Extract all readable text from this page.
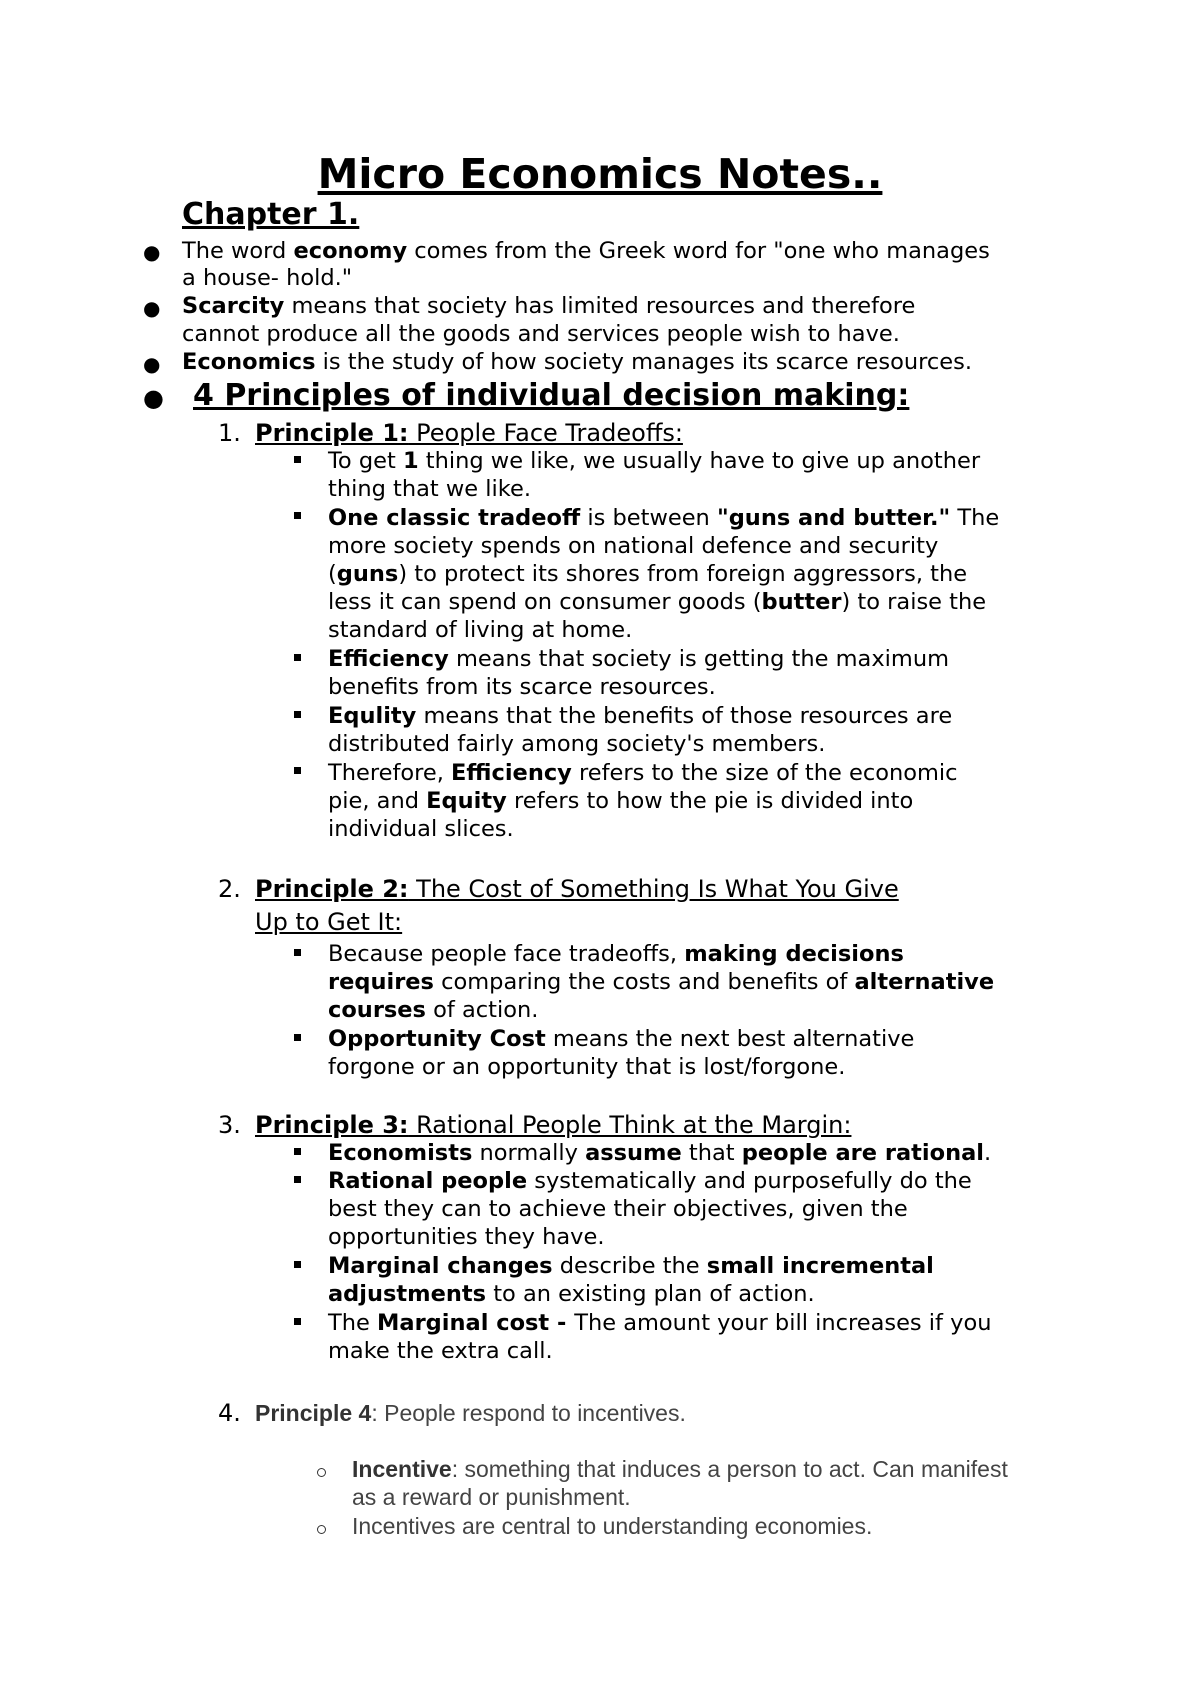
Micro Economics Notes..
Chapter 1.
● The word economy comes from the Greek word for "one who manages
a house- hold."
● Scarcity means that society has limited resources and therefore
cannot produce all the goods and services people wish to have.
● Economics is the study of how society manages its scarce resources.
● 4 Principles of individual decision making:
1. Principle 1: People Face Tradeoffs:
To get 1 thing we like, we usually have to give up another
thing that we like.
One classic tradeoff is between "guns and butter." The
more society spends on national defence and security
(guns) to protect its shores from foreign aggressors, the
less it can spend on consumer goods (butter) to raise the
standard of living at home.
Efficiency means that society is getting the maximum
benefits from its scarce resources.
Equlity means that the benefits of those resources are
distributed fairly among society's members.
Therefore, Efficiency refers to the size of the economic
pie, and Equity refers to how the pie is divided into
individual slices.
2. Principle 2: The Cost of Something Is What You Give
Up to Get It:
Because people face tradeoffs, making decisions
requires comparing the costs and benefits of alternative
courses of action.
Opportunity Cost means the next best alternative
forgone or an opportunity that is lost/forgone.
3. Principle 3: Rational People Think at the Margin:
Economists normally assume that people are rational.
Rational people systematically and purposefully do the
best they can to achieve their objectives, given the
opportunities they have.
Marginal changes describe the small incremental
adjustments to an existing plan of action.
The Marginal cost - The amount your bill increases if you
make the extra call.
4. Principle 4: People respond to incentives.
Incentive: something that induces a person to act. Can manifest
as a reward or punishment.
Incentives are central to understanding economies.
